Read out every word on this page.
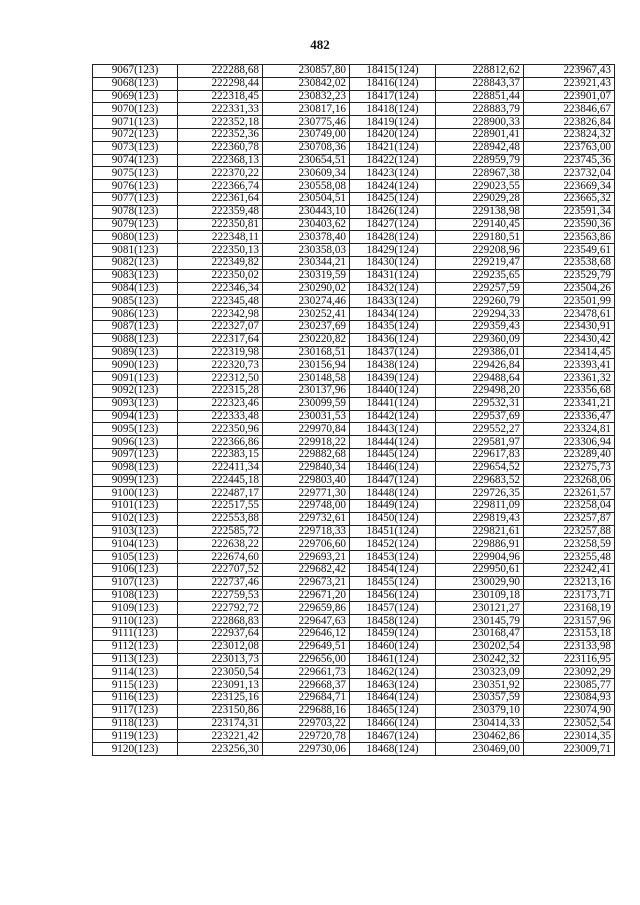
482
9067(123)	222288,68	230857,80	18415(124)	228812,62	223967,43
9068(123)	222298,44	230842,02	18416(124)	228843,37	223921,43
9069(123)	222318,45	230832,23	18417(124)	228851,44	223901,07
9070(123)	222331,33	230817,16	18418(124)	228883,79	223846,67
9071(123)	222352,18	230775,46	18419(124)	228900,33	223826,84
9072(123)	222352,36	230749,00	18420(124)	228901,41	223824,32
9073(123)	222360,78	230708,36	18421(124)	228942,48	223763,00
9074(123)	222368,13	230654,51	18422(124)	228959,79	223745,36
9075(123)	222370,22	230609,34	18423(124)	228967,38	223732,04
9076(123)	222366,74	230558,08	18424(124)	229023,55	223669,34
9077(123)	222361,64	230504,51	18425(124)	229029,28	223665,32
9078(123)	222359,48	230443,10	18426(124)	229138,98	223591,34
9079(123)	222350,81	230403,62	18427(124)	229140,45	223590,36
9080(123)	222348,11	230378,40	18428(124)	229180,51	223563,86
9081(123)	222350,13	230358,03	18429(124)	229208,96	223549,61
9082(123)	222349,82	230344,21	18430(124)	229219,47	223538,68
9083(123)	222350,02	230319,59	18431(124)	229235,65	223529,79
9084(123)	222346,34	230290,02	18432(124)	229257,59	223504,26
9085(123)	222345,48	230274,46	18433(124)	229260,79	223501,99
9086(123)	222342,98	230252,41	18434(124)	229294,33	223478,61
9087(123)	222327,07	230237,69	18435(124)	229359,43	223430,91
9088(123)	222317,64	230220,82	18436(124)	229360,09	223430,42
9089(123)	222319,98	230168,51	18437(124)	229386,01	223414,45
9090(123)	222320,73	230156,94	18438(124)	229426,84	223393,41
9091(123)	222312,50	230148,58	18439(124)	229488,64	223361,32
9092(123)	222315,28	230137,96	18440(124)	229498,20	223356,68
9093(123)	222323,46	230099,59	18441(124)	229532,31	223341,21
9094(123)	222333,48	230031,53	18442(124)	229537,69	223336,47
9095(123)	222350,96	229970,84	18443(124)	229552,27	223324,81
9096(123)	222366,86	229918,22	18444(124)	229581,97	223306,94
9097(123)	222383,15	229882,68	18445(124)	229617,83	223289,40
9098(123)	222411,34	229840,34	18446(124)	229654,52	223275,73
9099(123)	222445,18	229803,40	18447(124)	229683,52	223268,06
9100(123)	222487,17	229771,30	18448(124)	229726,35	223261,57
9101(123)	222517,55	229748,00	18449(124)	229811,09	223258,04
9102(123)	222553,88	229732,61	18450(124)	229819,43	223257,87
9103(123)	222585,72	229718,33	18451(124)	229821,61	223257,88
9104(123)	222638,22	229706,60	18452(124)	229886,91	223258,59
9105(123)	222674,60	229693,21	18453(124)	229904,96	223255,48
9106(123)	222707,52	229682,42	18454(124)	229950,61	223242,41
9107(123)	222737,46	229673,21	18455(124)	230029,90	223213,16
9108(123)	222759,53	229671,20	18456(124)	230109,18	223173,71
9109(123)	222792,72	229659,86	18457(124)	230121,27	223168,19
9110(123)	222868,83	229647,63	18458(124)	230145,79	223157,96
9111(123)	222937,64	229646,12	18459(124)	230168,47	223153,18
9112(123)	223012,08	229649,51	18460(124)	230202,54	223133,98
9113(123)	223013,73	229656,00	18461(124)	230242,32	223116,95
9114(123)	223050,54	229661,73	18462(124)	230323,09	223092,29
9115(123)	223091,13	229668,37	18463(124)	230351,92	223085,77
9116(123)	223125,16	229684,71	18464(124)	230357,59	223084,93
9117(123)	223150,86	229688,16	18465(124)	230379,10	223074,90
9118(123)	223174,31	229703,22	18466(124)	230414,33	223052,54
9119(123)	223221,42	229720,78	18467(124)	230462,86	223014,35
9120(123)	223256,30	229730,06	18468(124)	230469,00	223009,71
